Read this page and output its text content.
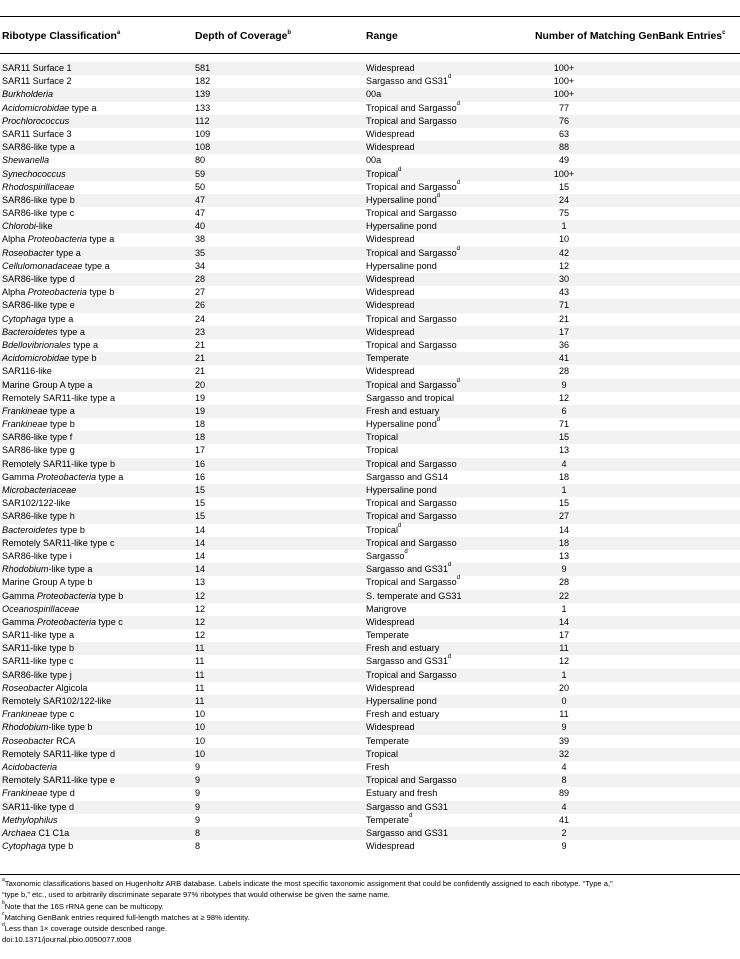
Ribotype Classification$^a$	Depth of Coverage$^b$	Range	Number of Matching GenBank Entries$^c$
SAR11 Surface 1	581	Widespread	100+
SAR11 Surface 2	182	Sargasso and GS31$^d$	100+
Burkholderia	139	00a	100+
Acidomicrobidae type a	133	Tropical and Sargasso$^d$	77
Prochlorococcus	112	Tropical and Sargasso	76
SAR11 Surface 3	109	Widespread	63
SAR86-like type a	108	Widespread	88
Shewanella	80	00a	49
Synechococcus	59	Tropical$^d$	100+
Rhodospirillaceae	50	Tropical and Sargasso$^d$	15
SAR86-like type b	47	Hypersaline pond$^d$	24
SAR86-like type c	47	Tropical and Sargasso	75
Chlorobi-like	40	Hypersaline pond	1
Alpha Proteobacteria type a	38	Widespread	10
Roseobacter type a	35	Tropical and Sargasso$^d$	42
Cellulomonadaceae type a	34	Hypersaline pond	12
SAR86-like type d	28	Widespread	30
Alpha Proteobacteria type b	27	Widespread	43
SAR86-like type e	26	Widespread	71
Cytophaga type a	24	Tropical and Sargasso	21
Bacteroidetes type a	23	Widespread	17
Bdellovibrionales type a	21	Tropical and Sargasso	36
Acidomicrobidae type b	21	Temperate	41
SAR116-like	21	Widespread	28
Marine Group A type a	20	Tropical and Sargasso$^d$	9
Remotely SAR11-like type a	19	Sargasso and tropical	12
Frankineae type a	19	Fresh and estuary	6
Frankineae type b	18	Hypersaline pond$^d$	71
SAR86-like type f	18	Tropical	15
SAR86-like type g	17	Tropical	13
Remotely SAR11-like type b	16	Tropical and Sargasso	4
Gamma Proteobacteria type a	16	Sargasso and GS14	18
Microbacteriaceae	15	Hypersaline pond	1
SAR102/122-like	15	Tropical and Sargasso	15
SAR86-like type h	15	Tropical and Sargasso	27
Bacteroidetes type b	14	Tropical$^d$	14
Remotely SAR11-like type c	14	Tropical and Sargasso	18
SAR86-like type i	14	Sargasso$^d$	13
Rhodobium-like type a	14	Sargasso and GS31$^d$	9
Marine Group A type b	13	Tropical and Sargasso$^d$	28
Gamma Proteobacteria type b	12	S. temperate and GS31	22
Oceanospirillaceae	12	Mangrove	1
Gamma Proteobacteria type c	12	Widespread	14
SAR11-like type a	12	Temperate	17
SAR11-like type b	11	Fresh and estuary	11
SAR11-like type c	11	Sargasso and GS31$^d$	12
SAR86-like type j	11	Tropical and Sargasso	1
Roseobacter Algicola	11	Widespread	20
Remotely SAR102/122-like	11	Hypersaline pond	0
Frankineae type c	10	Fresh and estuary	11
Rhodobium-like type b	10	Widespread	9
Roseobacter RCA	10	Temperate	39
Remotely SAR11-like type d	10	Tropical	32
Acidobacteria	9	Fresh	4
Remotely SAR11-like type e	9	Tropical and Sargasso	8
Frankineae type d	9	Estuary and fresh	89
SAR11-like type d	9	Sargasso and GS31	4
Methylophilus	9	Temperate$^d$	41
Archaea C1 C1a	8	Sargasso and GS31	2
Cytophaga type b	8	Widespread	9
$^a$Taxonomic classifications based on Hugenholtz ARB database. Labels indicate the most specific taxonomic assignment that could be confidently assigned to each ribotype. “Type a,”
“type b,” etc., used to arbitrarily discriminate separate 97% ribotypes that would otherwise be given the same name.
$^b$Note that the 16S rRNA gene can be multicopy.
$^c$Matching GenBank entries required full-length matches at ≥ 98% identity.
$^d$Less than 1× coverage outside described range.
doi:10.1371/journal.pbio.0050077.t008
